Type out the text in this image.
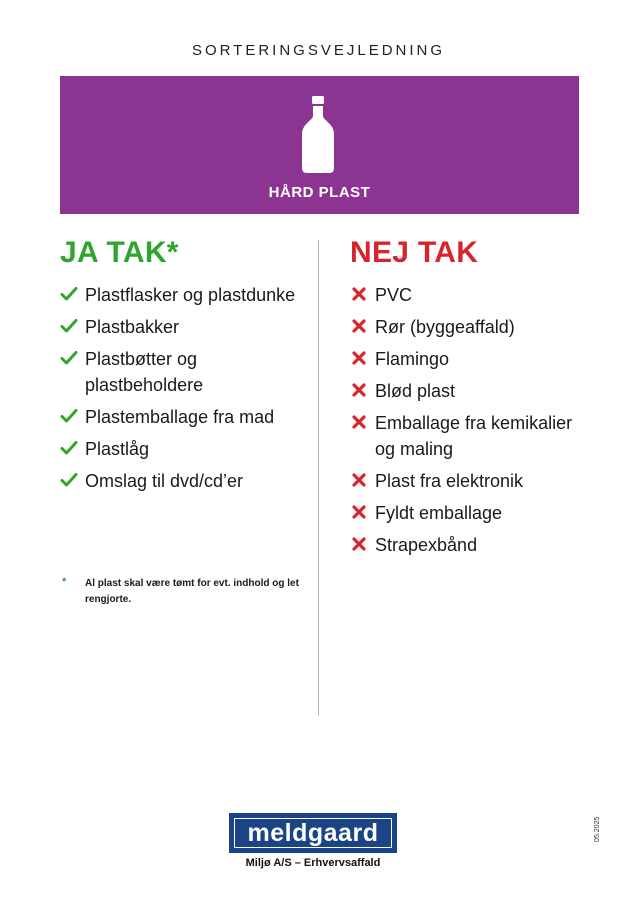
SORTERINGSVEJLEDNING
HÅRD PLAST
JA TAK*
Plastflasker og plastdunke
Plastbakker
Plastbøtter og plastbeholdere
Plastemballage fra mad
Plastlåg
Omslag til dvd/cd’er
NEJ TAK
PVC
Rør (byggeaffald)
Flamingo
Blød plast
Emballage fra kemikalier og maling
Plast fra elektronik
Fyldt emballage
Strapexbånd
* Al plast skal være tømt for evt. indhold og let rengjorte.
meldgaard
Miljø A/S – Erhvervsaffald
05.2025
